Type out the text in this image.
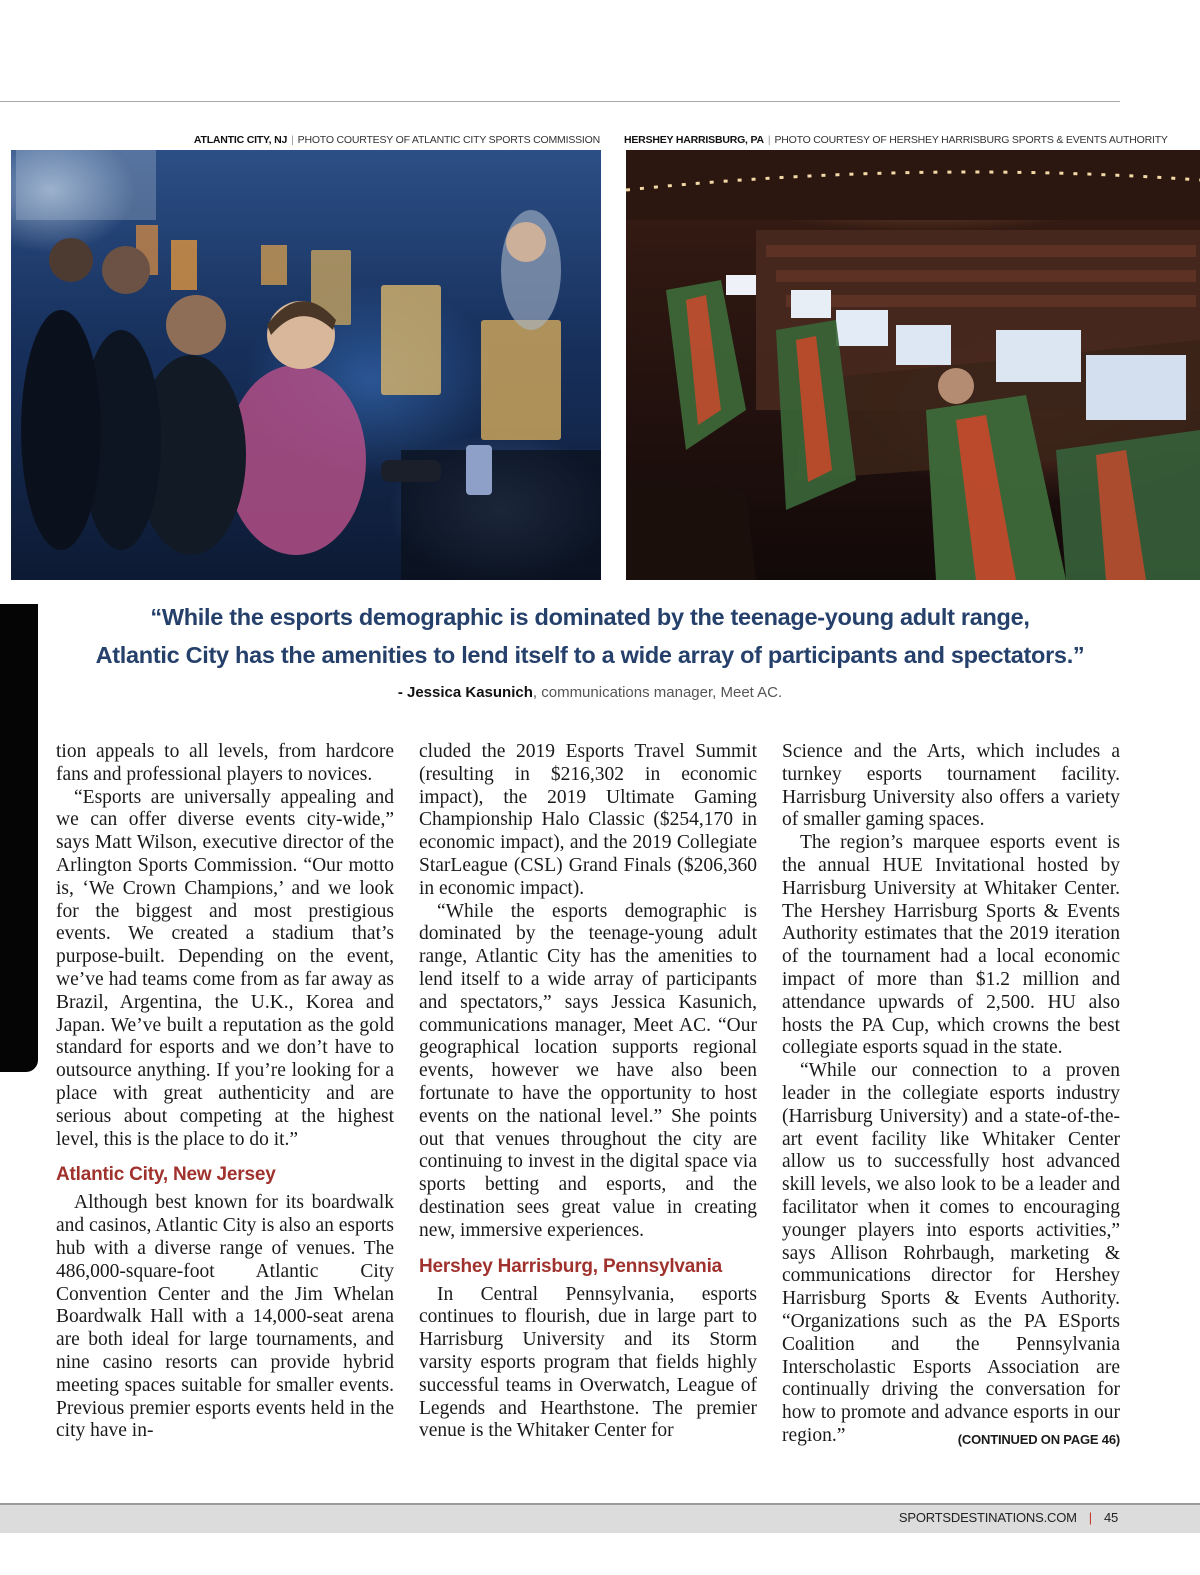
ATLANTIC CITY, NJ | PHOTO COURTESY OF ATLANTIC CITY SPORTS COMMISSION HERSHEY HARRISBURG, PA | PHOTO COURTESY OF HERSHEY HARRISBURG SPORTS & EVENTS AUTHORITY
“While the esports demographic is dominated by the teenage-young adult range,
Atlantic City has the amenities to lend itself to a wide array of participants and spectators.”
- Jessica Kasunich, communications manager, Meet AC.

tion appeals to all levels, from hardcore fans and professional players to novices.

“Esports are universally appealing and we can offer diverse events city-wide,” says Matt Wilson, executive director of the Arlington Sports Commission. “Our motto is, ‘We Crown Champions,’ and we look for the biggest and most prestigious events. We created a stadium that’s purpose-built. Depending on the event, we’ve had teams come from as far away as Brazil, Argentina, the U.K., Korea and Japan. We’ve built a reputation as the gold standard for esports and we don’t have to outsource anything. If you’re looking for a place with great authenticity and are serious about competing at the highest level, this is the place to do it.”

Atlantic City, New Jersey

Although best known for its boardwalk and casinos, Atlantic City is also an esports hub with a diverse range of venues. The 486,000-square-foot Atlantic City Convention Center and the Jim Whelan Boardwalk Hall with a 14,000-seat arena are both ideal for large tournaments, and nine casino resorts can provide hybrid meeting spaces suitable for smaller events. Previous premier esports events held in the city have in-

cluded the 2019 Esports Travel Summit (resulting in $216,302 in economic impact), the 2019 Ultimate Gaming Championship Halo Classic ($254,170 in economic impact), and the 2019 Collegiate StarLeague (CSL) Grand Finals ($206,360 in economic impact).

“While the esports demographic is dominated by the teenage-young adult range, Atlantic City has the amenities to lend itself to a wide array of participants and spectators,” says Jessica Kasunich, communications manager, Meet AC. “Our geographical location supports regional events, however we have also been fortunate to have the opportunity to host events on the national level.” She points out that venues throughout the city are continuing to invest in the digital space via sports betting and esports, and the destination sees great value in creating new, immersive experiences.

Hershey Harrisburg, Pennsylvania

In Central Pennsylvania, esports continues to flourish, due in large part to Harrisburg University and its Storm varsity esports program that fields highly successful teams in Overwatch, League of Legends and Hearthstone. The premier venue is the Whitaker Center for

Science and the Arts, which includes a turnkey esports tournament facility. Harrisburg University also offers a variety of smaller gaming spaces.

The region’s marquee esports event is the annual HUE Invitational hosted by Harrisburg University at Whitaker Center. The Hershey Harrisburg Sports & Events Authority estimates that the 2019 iteration of the tournament had a local economic impact of more than $1.2 million and attendance upwards of 2,500. HU also hosts the PA Cup, which crowns the best collegiate esports squad in the state.

“While our connection to a proven leader in the collegiate esports industry (Harrisburg University) and a state-of-the-art event facility like Whitaker Center allow us to successfully host advanced skill levels, we also look to be a leader and facilitator when it comes to encouraging younger players into esports activities,” says Allison Rohrbaugh, marketing & communications director for Hershey Harrisburg Sports & Events Authority. “Organizations such as the PA ESports Coalition and the Pennsylvania Interscholastic Esports Association are continually driving the conversation for how to promote and advance esports in our region.”	(CONTINUED ON PAGE 46)

SPORTSDESTINATIONS.COM | 45
